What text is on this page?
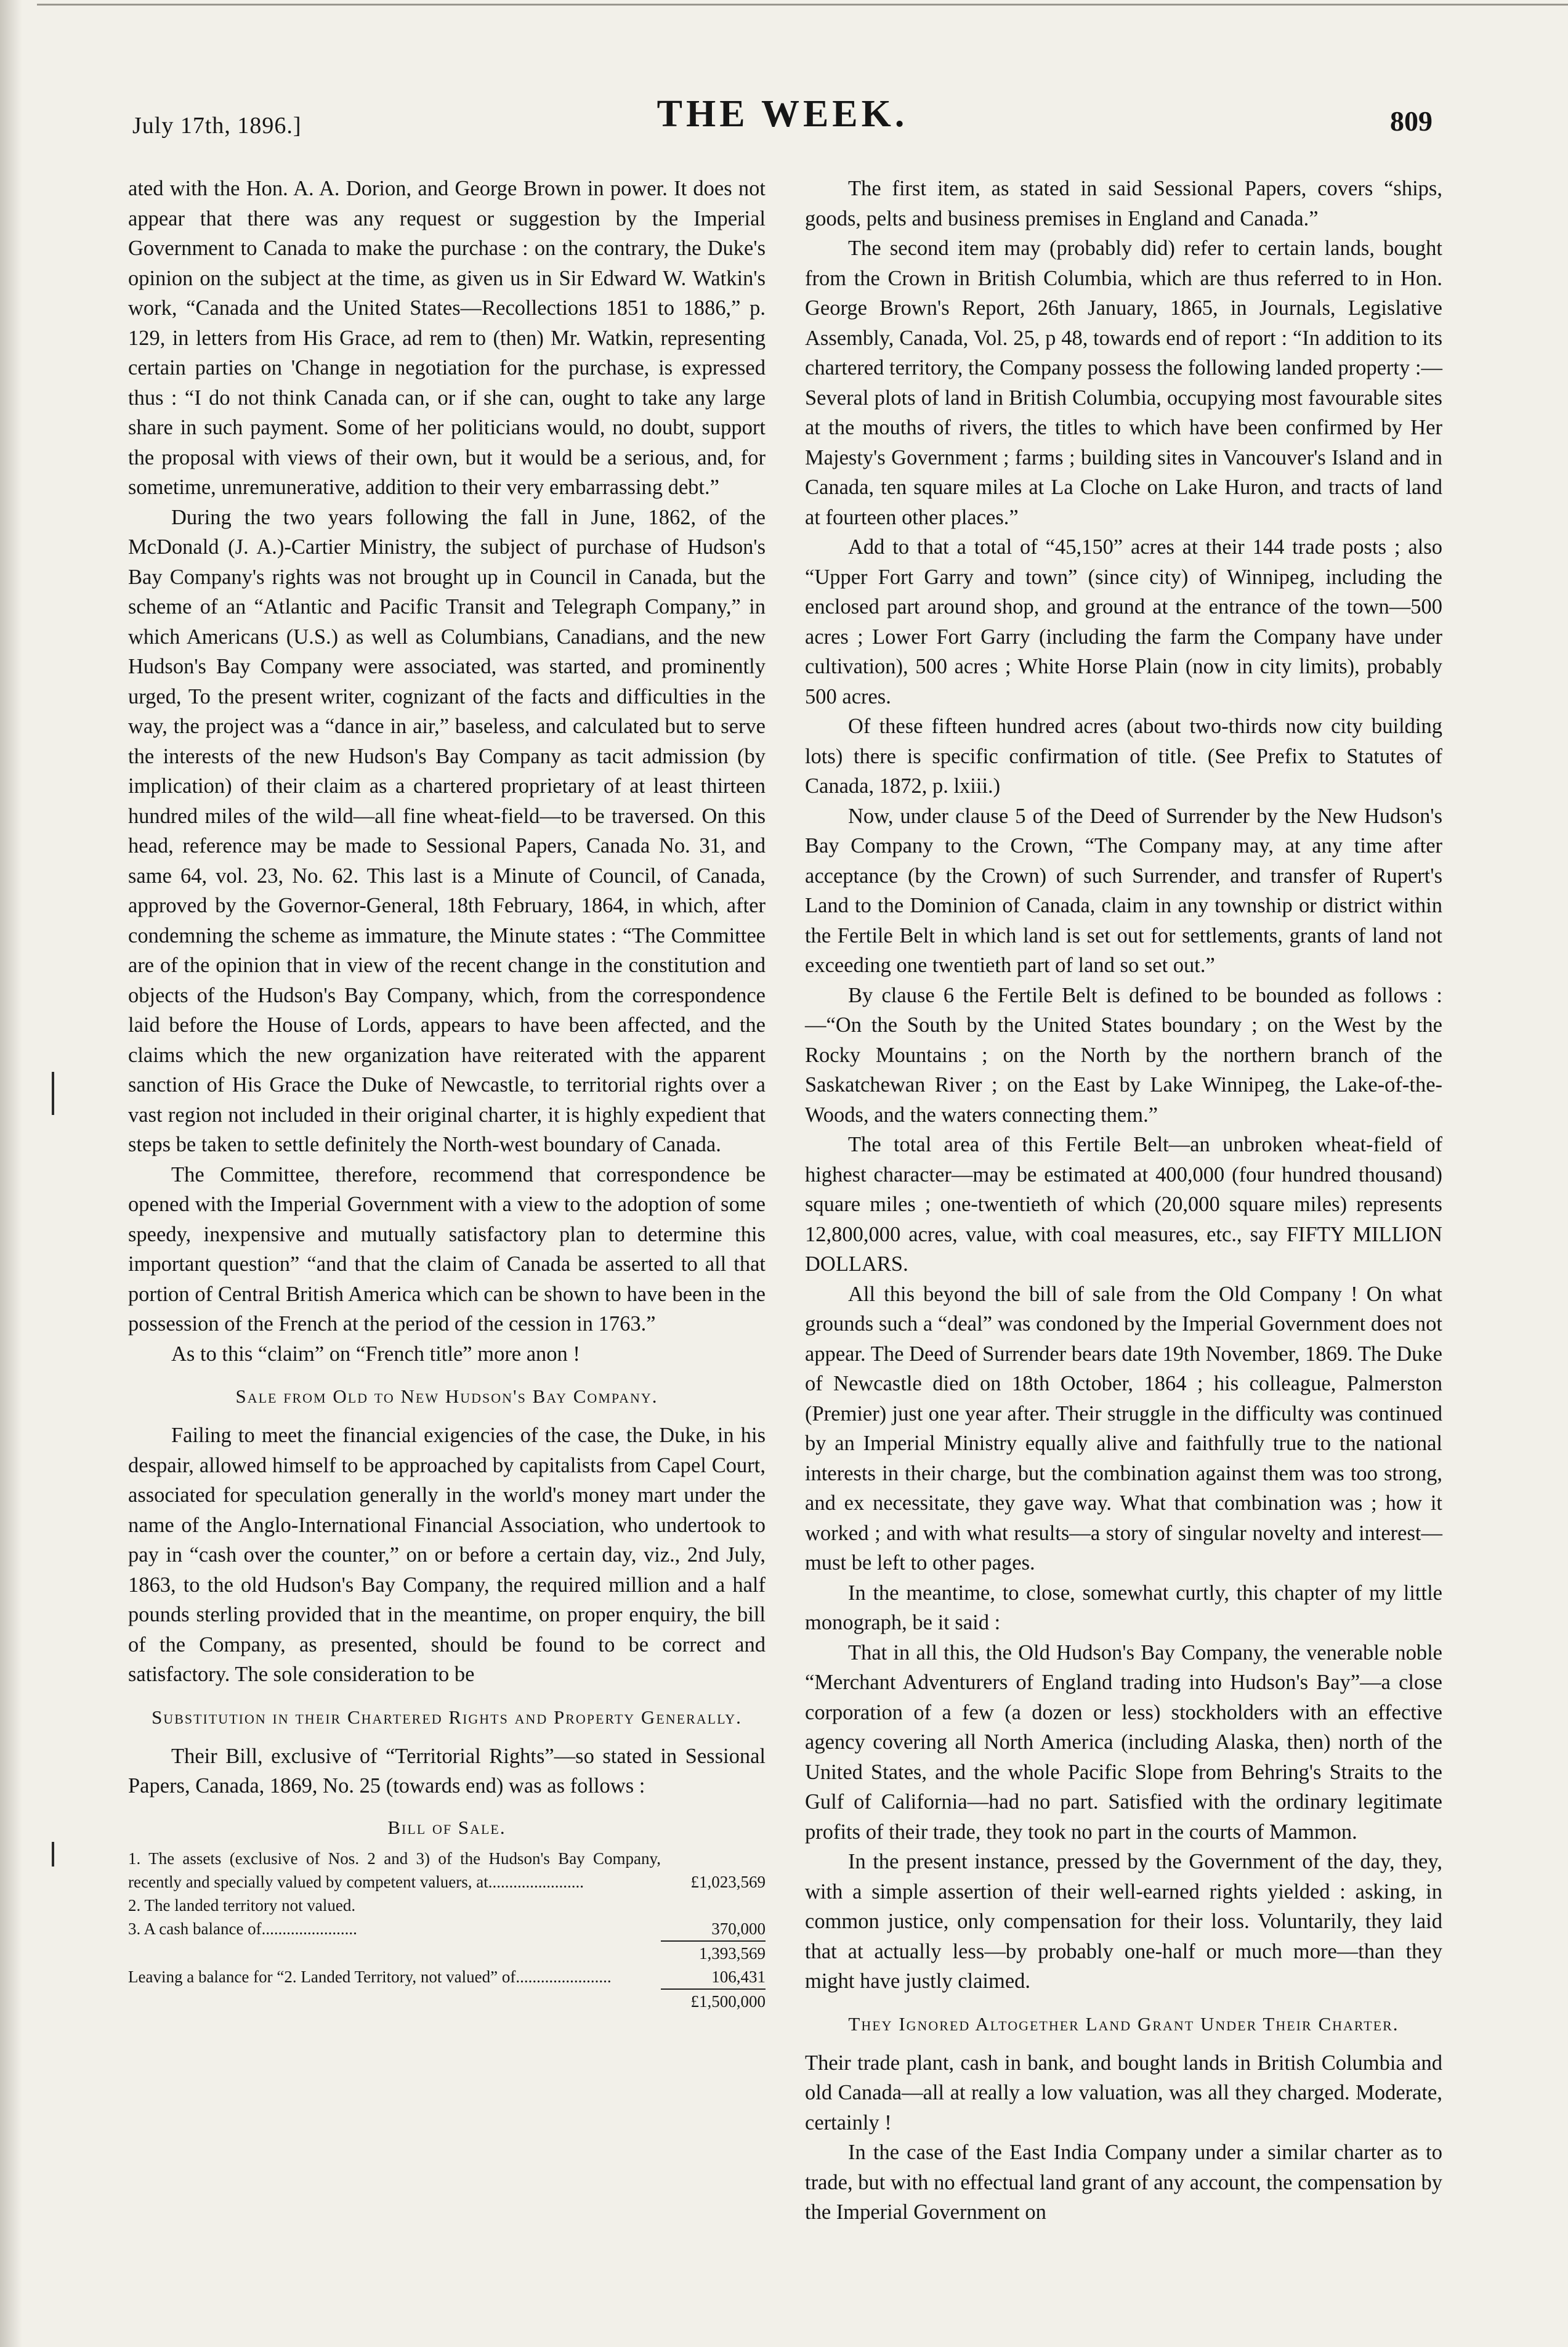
July 17th, 1896.]	THE WEEK.	809

ated with the Hon. A. A. Dorion, and George Brown in power. It does not appear that there was any request or suggestion by the Imperial Government to Canada to make the purchase : on the contrary, the Duke's opinion on the subject at the time, as given us in Sir Edward W. Watkin's work, “Canada and the United States—Recollections 1851 to 1886,” p. 129, in letters from His Grace, ad rem to (then) Mr. Watkin, representing certain parties on 'Change in negotiation for the purchase, is expressed thus : “I do not think Canada can, or if she can, ought to take any large share in such payment. Some of her politicians would, no doubt, support the proposal with views of their own, but it would be a serious, and, for sometime, unremunerative, addition to their very embarrassing debt.”

During the two years following the fall in June, 1862, of the McDonald (J. A.)-Cartier Ministry, the subject of purchase of Hudson's Bay Company's rights was not brought up in Council in Canada, but the scheme of an “Atlantic and Pacific Transit and Telegraph Company,” in which Americans (U.S.) as well as Columbians, Canadians, and the new Hudson's Bay Company were associated, was started, and prominently urged, To the present writer, cognizant of the facts and difficulties in the way, the project was a “dance in air,” baseless, and calculated but to serve the interests of the new Hudson's Bay Company as tacit admission (by implication) of their claim as a chartered proprietary of at least thirteen hundred miles of the wild—all fine wheat-field—to be traversed. On this head, reference may be made to Sessional Papers, Canada No. 31, and same 64, vol. 23, No. 62. This last is a Minute of Council, of Canada, approved by the Governor-General, 18th February, 1864, in which, after condemning the scheme as immature, the Minute states : “The Committee are of the opinion that in view of the recent change in the constitution and objects of the Hudson's Bay Company, which, from the correspondence laid before the House of Lords, appears to have been affected, and the claims which the new organization have reiterated with the apparent sanction of His Grace the Duke of Newcastle, to territorial rights over a vast region not included in their original charter, it is highly expedient that steps be taken to settle definitely the North-west boundary of Canada.

The Committee, therefore, recommend that correspondence be opened with the Imperial Government with a view to the adoption of some speedy, inexpensive and mutually satisfactory plan to determine this important question” “and that the claim of Canada be asserted to all that portion of Central British America which can be shown to have been in the possession of the French at the period of the cession in 1763.”

As to this “claim” on “French title” more anon !

Sale from Old to New Hudson's Bay Company.

Failing to meet the financial exigencies of the case, the Duke, in his despair, allowed himself to be approached by capitalists from Capel Court, associated for speculation generally in the world's money mart under the name of the Anglo-International Financial Association, who undertook to pay in “cash over the counter,” on or before a certain day, viz., 2nd July, 1863, to the old Hudson's Bay Company, the required million and a half pounds sterling provided that in the meantime, on proper enquiry, the bill of the Company, as presented, should be found to be correct and satisfactory. The sole consideration to be

Substitution in their Chartered Rights and Property Generally.

Their Bill, exclusive of “Territorial Rights”—so stated in Sessional Papers, Canada, 1869, No. 25 (towards end) was as follows :

Bill of Sale.
1. The assets (exclusive of Nos. 2 and 3) of the Hudson's Bay Company, recently and specially valued by competent valuers, at.......................	£1,023,569
2. The landed territory not valued.
3. A cash balance of.......................	370,000
1,393,569
Leaving a balance for “2. Landed Territory, not valued” of.......................	106,431
£1,500,000

The first item, as stated in said Sessional Papers, covers “ships, goods, pelts and business premises in England and Canada.”

The second item may (probably did) refer to certain lands, bought from the Crown in British Columbia, which are thus referred to in Hon. George Brown's Report, 26th January, 1865, in Journals, Legislative Assembly, Canada, Vol. 25, p 48, towards end of report : “In addition to its chartered territory, the Company possess the following landed property :—Several plots of land in British Columbia, occupying most favourable sites at the mouths of rivers, the titles to which have been confirmed by Her Majesty's Government ; farms ; building sites in Vancouver's Island and in Canada, ten square miles at La Cloche on Lake Huron, and tracts of land at fourteen other places.”

Add to that a total of “45,150” acres at their 144 trade posts ; also “Upper Fort Garry and town” (since city) of Winnipeg, including the enclosed part around shop, and ground at the entrance of the town—500 acres ; Lower Fort Garry (including the farm the Company have under cultivation), 500 acres ; White Horse Plain (now in city limits), probably 500 acres.

Of these fifteen hundred acres (about two-thirds now city building lots) there is specific confirmation of title. (See Prefix to Statutes of Canada, 1872, p. lxiii.)

Now, under clause 5 of the Deed of Surrender by the New Hudson's Bay Company to the Crown, “The Company may, at any time after acceptance (by the Crown) of such Surrender, and transfer of Rupert's Land to the Dominion of Canada, claim in any township or district within the Fertile Belt in which land is set out for settlements, grants of land not exceeding one twentieth part of land so set out.”

By clause 6 the Fertile Belt is defined to be bounded as follows :—“On the South by the United States boundary ; on the West by the Rocky Mountains ; on the North by the northern branch of the Saskatchewan River ; on the East by Lake Winnipeg, the Lake-of-the-Woods, and the waters connecting them.”

The total area of this Fertile Belt—an unbroken wheat-field of highest character—may be estimated at 400,000 (four hundred thousand) square miles ; one-twentieth of which (20,000 square miles) represents 12,800,000 acres, value, with coal measures, etc., say FIFTY MILLION DOLLARS.

All this beyond the bill of sale from the Old Company ! On what grounds such a “deal” was condoned by the Imperial Government does not appear. The Deed of Surrender bears date 19th November, 1869. The Duke of Newcastle died on 18th October, 1864 ; his colleague, Palmerston (Premier) just one year after. Their struggle in the difficulty was continued by an Imperial Ministry equally alive and faithfully true to the national interests in their charge, but the combination against them was too strong, and ex necessitate, they gave way. What that combination was ; how it worked ; and with what results—a story of singular novelty and interest—must be left to other pages.

In the meantime, to close, somewhat curtly, this chapter of my little monograph, be it said :

That in all this, the Old Hudson's Bay Company, the venerable noble “Merchant Adventurers of England trading into Hudson's Bay”—a close corporation of a few (a dozen or less) stockholders with an effective agency covering all North America (including Alaska, then) north of the United States, and the whole Pacific Slope from Behring's Straits to the Gulf of California—had no part. Satisfied with the ordinary legitimate profits of their trade, they took no part in the courts of Mammon.

In the present instance, pressed by the Government of the day, they, with a simple assertion of their well-earned rights yielded : asking, in common justice, only compensation for their loss. Voluntarily, they laid that at actually less—by probably one-half or much more—than they might have justly claimed.

They Ignored Altogether Land Grant Under Their Charter.

Their trade plant, cash in bank, and bought lands in British Columbia and old Canada—all at really a low valuation, was all they charged. Moderate, certainly !

In the case of the East India Company under a similar charter as to trade, but with no effectual land grant of any account, the compensation by the Imperial Government on
